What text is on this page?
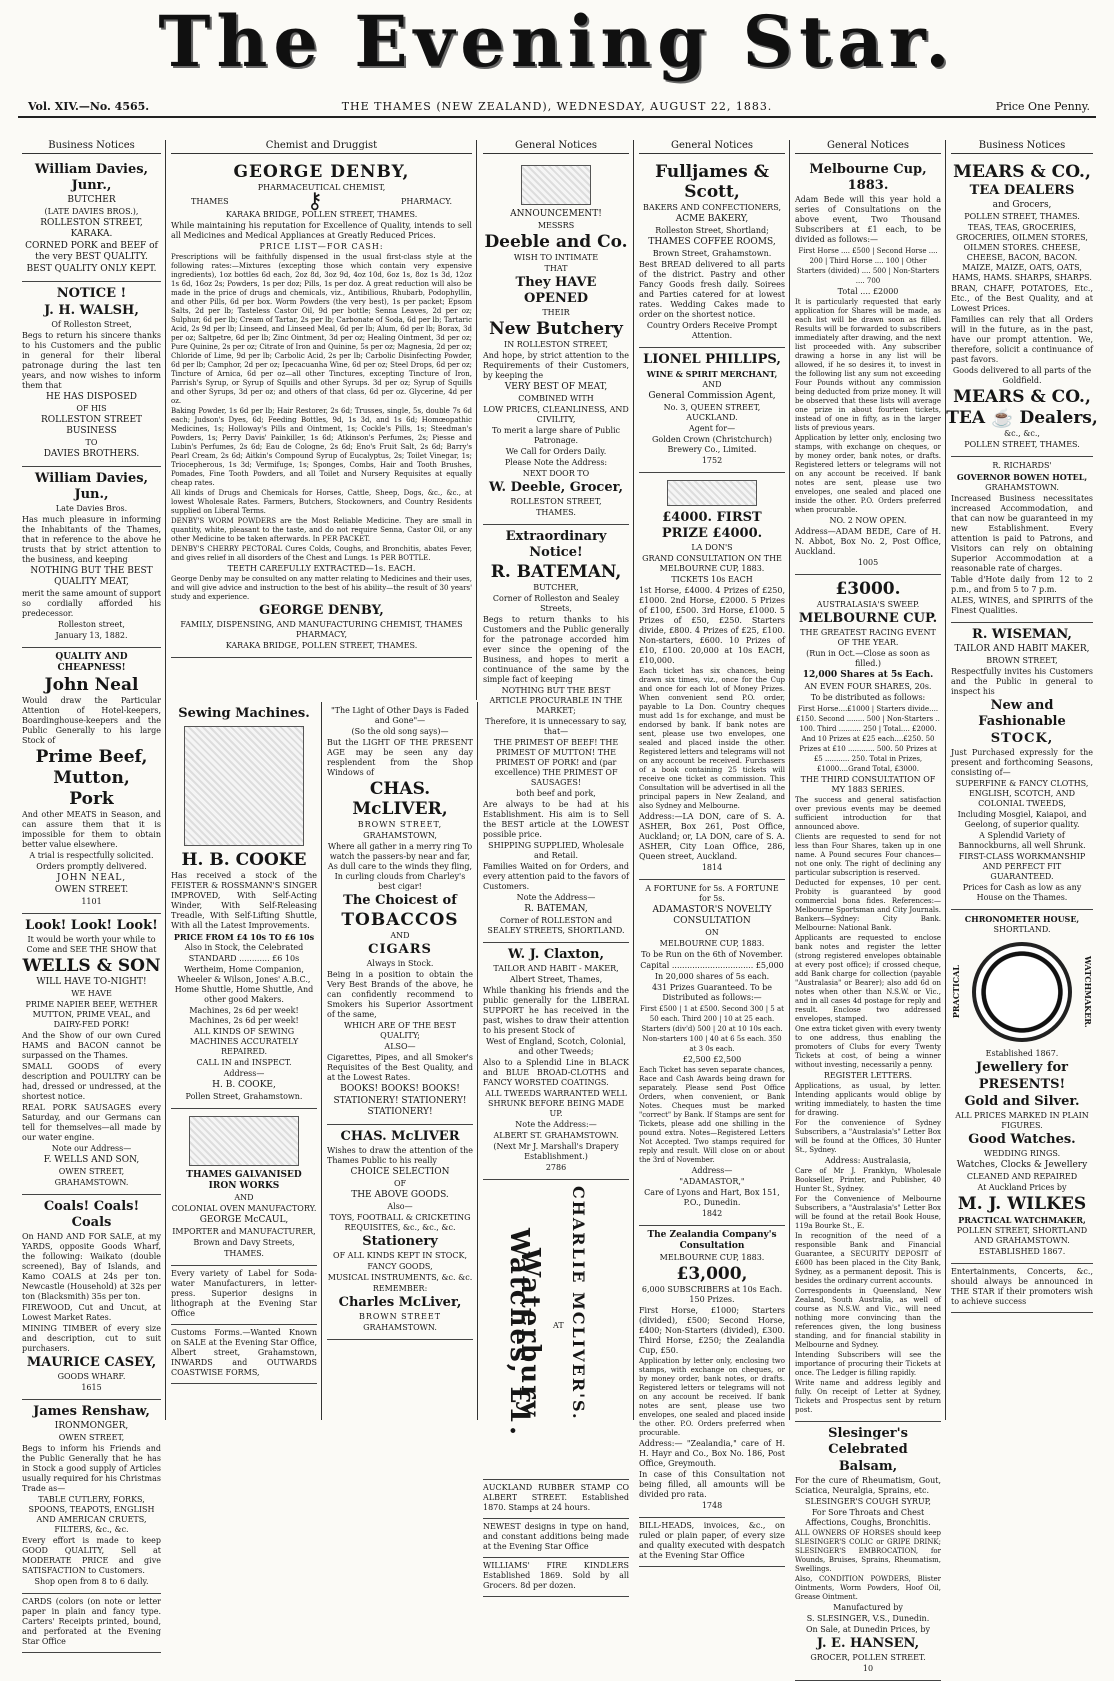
The Evening Star.
Vol. XIV.—No. 4565.	THE THAMES (NEW ZEALAND), WEDNESDAY, AUGUST 22, 1883.	Price One Penny.
Business Notices

William Davies, Junr.,

BUTCHER

(LATE DAVIES BROS.),

ROLLESTON STREET, KARAKA.

CORNED PORK and BEEF of the very BEST QUALITY.

BEST QUALITY ONLY KEPT.

NOTICE !

J. H. WALSH,

Of Rolleston Street,

Begs to return his sincere thanks to his Customers and the public in general for their liberal patronage during the last ten years, and now wishes to inform them that

HE HAS DISPOSED

OF HIS

ROLLESTON STREET BUSINESS

TO

DAVIES BROTHERS.

William Davies, Jun.,

Late Davies Bros.

Has much pleasure in informing the Inhabitants of the Thames, that in reference to the above he trusts that by strict attention to the business, and keeping

NOTHING BUT THE BEST QUALITY MEAT,

merit the same amount of support so cordially afforded his predecessor.

Rolleston street,

January 13, 1882.

QUALITY AND CHEAPNESS!

John Neal

Would draw the Particular Attention of Hotel-keepers, Boardinghouse-keepers and the Public Generally to his large Stock of

Prime Beef,

Mutton,

Pork

And other MEATS in Season, and can assure them that it is impossible for them to obtain better value elsewhere.

A trial is respectfully solicited.

Orders promptly delivered.

JOHN NEAL,

OWEN STREET.

1101

Look! Look! Look!

It would be worth your while to Come and SEE THE SHOW that

WELLS & SON

WILL HAVE TO-NIGHT!

WE HAVE

PRIME NAPIER BEEF, WETHER MUTTON, PRIME VEAL, and DAIRY-FED PORK!

And the Show of our own Cured HAMS and BACON cannot be surpassed on the Thames.

SMALL GOODS of every description and POULTRY can be had, dressed or undressed, at the shortest notice.

REAL PORK SAUSAGES every Saturday, and our Germans can tell for themselves—all made by our water engine.

Note our Address—

F. WELLS AND SON,

OWEN STREET,

GRAHAMSTOWN.

Coals! Coals! Coals

On HAND AND FOR SALE, at my YARDS, opposite Goods Wharf, the following: Waikato (double screened), Bay of Islands, and Kamo COALS at 24s per ton. Newcastle (Household) at 32s per ton (Blacksmith) 35s per ton.

FIREWOOD, Cut and Uncut, at Lowest Market Rates.

MINING TIMBER of every size and description, cut to suit purchasers.

MAURICE CASEY,

GOODS WHARF.

1615

James Renshaw,

IRONMONGER,

OWEN STREET,

Begs to inform his Friends and the Public Generally that he has in Stock a good supply of Articles usually required for his Christmas Trade as—

TABLE CUTLERY, FORKS, SPOONS, TEAPOTS, ENGLISH AND AMERICAN CRUETS, FILTERS, &c., &c.

Every effort is made to keep GOOD QUALITY, Sell at MODERATE PRICE and give SATISFACTION to Customers.

Shop open from 8 to 6 daily.

CARDS (colors (on note or letter paper in plain and fancy type. Carters' Receipts printed, bound, and perforated at the Evening Star Office
Chemist and Druggist

GEORGE DENBY,

PHARMACEUTICAL CHEMIST,

THAMES	⚷	PHARMACY.

KARAKA BRIDGE, POLLEN STREET, THAMES.

While maintaining his reputation for Excellence of Quality, intends to sell all Medicines and Medical Appliances at Greatly Reduced Prices.

PRICE LIST—FOR CASH:

Prescriptions will be faithfully dispensed in the usual first-class style at the following rates:—Mixtures (excepting those which contain very expensive ingredients), 1oz bottles 6d each, 2oz 8d, 3oz 9d, 4oz 10d, 6oz 1s, 8oz 1s 3d, 12oz 1s 6d, 16oz 2s; Powders, 1s per doz; Pills, 1s per doz. A great reduction will also be made in the price of drugs and chemicals, viz., Antibilious, Rhubarb, Podophyllin, and other Pills, 6d per box. Worm Powders (the very best), 1s per packet; Epsom Salts, 2d per lb; Tasteless Castor Oil, 9d per bottle; Senna Leaves, 2d per oz; Sulphur, 6d per lb; Cream of Tartar, 2s per lb; Carbonate of Soda, 6d per lb; Tartaric Acid, 2s 9d per lb; Linseed, and Linseed Meal, 6d per lb; Alum, 6d per lb; Borax, 3d per oz; Saltpetre, 6d per lb; Zinc Ointment, 3d per oz; Healing Ointment, 3d per oz; Pure Quinine, 2s per oz; Citrate of Iron and Quinine, 5s per oz; Magnesia, 2d per oz; Chloride of Lime, 9d per lb; Carbolic Acid, 2s per lb; Carbolic Disinfecting Powder, 6d per lb; Camphor, 2d per oz; Ipecacuanha Wine, 6d per oz; Steel Drops, 6d per oz; Tincture of Arnica, 6d per oz—all other Tinctures, excepting Tincture of Iron, Parrish's Syrup, or Syrup of Squills and other Syrups. 3d per oz; Syrup of Squills and other Syrups, 3d per oz; and others of that class, 6d per oz. Glycerine, 4d per oz.

Baking Powder, 1s 6d per lb; Hair Restorer, 2s 6d; Trusses, single, 5s, double 7s 6d each; Judson's Dyes, 6d; Feeding Bottles, 9d, 1s 3d, and 1s 6d; Homœopathic Medicines, 1s; Holloway's Pills and Ointment, 1s; Cockle's Pills, 1s; Steedman's Powders, 1s; Perry Davis' Painkiller, 1s 6d; Atkinson's Perfumes, 2s; Piesse and Lubin's Perfumes, 2s 6d; Eau de Cologne, 2s 6d; Eno's Fruit Salt, 2s 6d; Barry's Pearl Cream, 2s 6d; Aitkin's Compound Syrup of Eucalyptus, 2s; Toilet Vinegar, 1s; Triocepherous, 1s 3d; Vermifuge, 1s; Sponges, Combs, Hair and Tooth Brushes, Pomades, Fine Tooth Powders, and all Toilet and Nursery Requisites at equally cheap rates.

All kinds of Drugs and Chemicals for Horses, Cattle, Sheep, Dogs, &c., &c., at lowest Wholesale Rates. Farmers, Butchers, Stockowners, and Country Residents supplied on Liberal Terms.

DENBY'S WORM POWDERS are the Most Reliable Medicine. They are small in quantity, white, pleasant to the taste, and do not require Senna, Castor Oil, or any other Medicine to be taken afterwards. In PER PACKET.

DENBY'S CHERRY PECTORAL Cures Colds, Coughs, and Bronchitis, abates Fever, and gives relief in all disorders of the Chest and Lungs. 1s PER BOTTLE.

TEETH CAREFULLY EXTRACTED—1s. EACH.

George Denby may be consulted on any matter relating to Medicines and their uses, and will give advice and instruction to the best of his ability—the result of 30 years' study and experience.

GEORGE DENBY,

FAMILY, DISPENSING, AND MANUFACTURING CHEMIST, THAMES PHARMACY,

KARAKA BRIDGE, POLLEN STREET, THAMES.

Sewing Machines.

H. B. COOKE

Has received a stock of the FEISTER & ROSSMANN'S SINGER IMPROVED, With Self-Acting Winder, With Self-Releasing Treadle, With Self-Lifting Shuttle, With all the Latest Improvements.

PRICE FROM £4 10s TO £6 10s

Also in Stock, the Celebrated

STANDARD ............ £6 10s

Wertheim, Home Companion, Wheeler & Wilson, Jones' A.B.C., Home Shuttle, Home Shuttle, And other good Makers.

Machines, 2s 6d per week! Machines, 2s 6d per week!

ALL KINDS OF SEWING MACHINES ACCURATELY REPAIRED.

CALL IN and INSPECT.

Address—

H. B. COOKE,

Pollen Street, Grahamstown.

THAMES GALVANISED IRON WORKS

AND

COLONIAL OVEN MANUFACTORY.

GEORGE McCAUL,

IMPORTER and MANUFACTURER,

Brown and Davy Streets,

THAMES.

Every variety of Label for Soda-water Manufacturers, in letter-press. Superior designs in lithograph at the Evening Star Office
Customs Forms.—Wanted Known on SALE at the Evening Star Office, Albert street, Grahamstown, INWARDS and OUTWARDS COASTWISE FORMS,

"The Light of Other Days is Faded and Gone"—

(So the old song says)—

But the LIGHT OF THE PRESENT AGE may be seen any day resplendent from the Shop Windows of

CHAS. McLIVER,

BROWN STREET,

GRAHAMSTOWN,

Where all gather in a merry ring To watch the passers-by near and far, As dull care to the winds they fling, In curling clouds from Charley's best cigar!

The Choicest of

TOBACCOS

AND

CIGARS

Always in Stock.

Being in a position to obtain the Very Best Brands of the above, he can confidently recommend to Smokers his Superior Assortment of the same,

WHICH ARE OF THE BEST QUALITY;

ALSO—

Cigarettes, Pipes, and all Smoker's Requisites of the Best Quality, and at the Lowest Rates.

BOOKS! BOOKS! BOOKS!

STATIONERY! STATIONERY! STATIONERY!

CHAS. McLIVER

Wishes to draw the attention of the Thames Public to his really

CHOICE SELECTION

OF

THE ABOVE GOODS.

Also—

TOYS, FOOTBALL & CRICKETING REQUISITES, &c., &c., &c.

Stationery

OF ALL KINDS KEPT IN STOCK,

FANCY GOODS,

MUSICAL INSTRUMENTS, &c. &c.

REMEMBER:

Charles McLiver,

BROWN STREET

GRAHAMSTOWN.

General Notices

ANNOUNCEMENT!

MESSRS

Deeble and Co.

WISH TO INTIMATE

THAT

They HAVE OPENED

THEIR

New Butchery

IN ROLLESTON STREET,

And hope, by strict attention to the Requirements of their Customers, by keeping the

VERY BEST OF MEAT,

COMBINED WITH

LOW PRICES, CLEANLINESS, AND CIVILITY,

To merit a large share of Public Patronage.

We Call for Orders Daily.

Please Note the Address:

NEXT DOOR TO

W. Deeble, Grocer,

ROLLESTON STREET,

THAMES.

Extraordinary Notice!

R. BATEMAN,

BUTCHER,

Corner of Rolleston and Sealey Streets,

Begs to return thanks to his Customers and the Public generally for the patronage accorded him ever since the opening of the Business, and hopes to merit a continuance of the same by the simple fact of keeping

NOTHING BUT THE BEST ARTICLE PROCURABLE IN THE MARKET;

Therefore, it is unnecessary to say, that—

THE PRIMEST OF BEEF! THE PRIMEST OF MUTTON! THE PRIMEST OF PORK! and (par excellence) THE PRIMEST OF SAUSAGES!

both beef and pork,

Are always to be had at his Establishment. His aim is to Sell the BEST article at the LOWEST possible price.

SHIPPING SUPPLIED, Wholesale and Retail.

Families Waited on for Orders, and every attention paid to the favors of Customers.

Note the Address—

R. BATEMAN,

Corner of ROLLESTON and SEALEY STREETS, SHORTLAND.

W. J. Claxton,

TAILOR AND HABIT - MAKER,

Albert Street, Thames,

While thanking his friends and the public generally for the LIBERAL SUPPORT he has received in the past, wishes to draw their attention to his present Stock of

West of England, Scotch, Colonial, and other Tweeds;

Also to a Splendid Line in BLACK and BLUE BROAD-CLOTHS and FANCY WORSTED COATINGS.

ALL TWEEDS WARRANTED WELL SHRUNK BEFORE BEING MADE UP.

Note the Address:—

ALBERT ST. GRAHAMSTOWN.

(Next Mr J. Marshall's Drapery Establishment.)

2786

Waterbury Watches, £1. CHARLIE MCLIVER'S.
AT
AUCKLAND RUBBER STAMP CO ALBERT STREET. Established 1870. Stamps at 24 hours.
NEWEST designs in type on hand, and constant additions being made at the Evening Star Office
WILLIAMS' FIRE KINDLERS Established 1869. Sold by all Grocers. 8d per dozen.
General Notices

Fulljames & Scott,

BAKERS AND CONFECTIONERS,

ACME BAKERY,

Rolleston Street, Shortland;

THAMES COFFEE ROOMS,

Brown Street, Grahamstown.

Best BREAD delivered to all parts of the district. Pastry and other Fancy Goods fresh daily. Soirees and Parties catered for at lowest rates. Wedding Cakes made to order on the shortest notice.

Country Orders Receive Prompt Attention.

LIONEL PHILLIPS,

WINE & SPIRIT MERCHANT,

AND

General Commission Agent,

No. 3, QUEEN STREET, AUCKLAND.

Agent for—

Golden Crown (Christchurch) Brewery Co., Limited.

1752

£4000. FIRST PRIZE £4000.

LA DON'S

GRAND CONSULTATION ON THE MELBOURNE CUP, 1883.

TICKETS 10s EACH

1st Horse, £4000. 4 Prizes of £250, £1000. 2nd Horse, £2000. 5 Prizes of £100, £500. 3rd Horse, £1000. 5 Prizes of £50, £250. Starters divide, £800. 4 Prizes of £25, £100. Non-starters, £600. 10 Prizes of £10, £100. 20,000 at 10s EACH, £10,000.

Each ticket has six chances, being drawn six times, viz., once for the Cup and once for each lot of Money Prizes. When convenient send P.O. order, payable to La Don. Country cheques must add 1s for exchange, and must be endorsed by bank. If bank notes are sent, please use two envelopes, one sealed and placed inside the other. Registered letters and telegrams will not on any account be received. Furchasers of a book containing 25 tickets will receive one ticket as commission. This Consultation will be advertised in all the principal papers in New Zealand, and also Sydney and Melbourne.

Address:—LA DON, care of S. A. ASHER, Box 261, Post Office, Auckland; or, LA DON, care of S. A. ASHER, City Loan Office, 286, Queen street, Auckland.

1814

A FORTUNE for 5s. A FORTUNE for 5s.

ADAMASTOR'S NOVELTY CONSULTATION

ON

MELBOURNE CUP, 1883.

To be Run on the 6th of November.

Capital ................................ £5,000

In 20,000 shares of 5s each.

431 Prizes Guaranteed. To be Distributed as follows:—

First £500 | 1 at £500. Second 300 | 5 at 50 each. Third 200 | 10 at 25 each. Starters (div'd) 500 | 20 at 10 10s each. Non-starters 100 | 40 at 6 5s each. 350 at 3 0s each.

£2,500 £2,500

Each Ticket has seven separate chances, Race and Cash Awards being drawn for separately. Please send Post Office Orders, when convenient, or Bank Notes. Cheques must be marked "correct" by Bank. If Stamps are sent for Tickets, please add one shilling in the pound extra. Notes—Registered Letters Not Accepted. Two stamps required for reply and result. Will close on or about the 3rd of November.

Address—

"ADAMASTOR,"

Care of Lyons and Hart, Box 151, P.O., Dunedin.

1842

The Zealandia Company's Consultation

MELBOURNE CUP, 1883.

£3,000,

6,000 SUBSCRIBERS at 10s Each. 150 Prizes.

First Horse, £1000; Starters (divided), £500; Second Horse, £400; Non-Starters (divided), £300. Third Horse, £250; the Zealandia Cup, £50.

Application by letter only, enclosing two stamps, with exchange on cheques, or by money order, bank notes, or drafts. Registered letters or telegrams will not on any account be received. If bank notes are sent, please use two envelopes, one sealed and placed inside the other. P.O. Orders preferred when procurable.

Address:— "Zealandia," care of H. H. Hayr and Co., Box No. 186, Post Office, Greymouth.

In case of this Consultation not being filled, all amounts will be divided pro rata.

1748

BILL-HEADS, invoices, &c., on ruled or plain paper, of every size and quality executed with despatch at the Evening Star Office
General Notices

Melbourne Cup, 1883.

Adam Bede will this year hold a series of Consultations on the above event, Two Thousand Subscribers at £1 each, to be divided as follows:—

First Horse .... £500 | Second Horse .... 200 | Third Horse .... 100 | Other Starters (divided) .... 500 | Non-Starters .... 700

Total .... £2000

It is particularly requested that early application for Shares will be made, as each list will be drawn soon as filled. Results will be forwarded to subscribers immediately after drawing, and the next list proceeded with. Any subscriber drawing a horse in any list will be allowed, if he so desires it, to invest in the following list any sum not exceeding Four Pounds without any commission being deducted from prize money. It will be observed that these lists will average one prize in about fourteen tickets, instead of one in fifty, as in the larger lists of previous years.

Application by letter only, enclosing two stamps, with exchange on cheques, or by money order, bank notes, or drafts. Registered letters or telegrams will not on any account be received. If bank notes are sent, please use two envelopes, one sealed and placed one inside the other. P.O. Orders preferred when procurable.

NO. 2 NOW OPEN.

Address—ADAM BEDE, Care of H. N. Abbot, Box No. 2, Post Office, Auckland.

1005

£3000.

AUSTRALASIA'S SWEEP.

MELBOURNE CUP.

THE GREATEST RACING EVENT OF THE YEAR.

(Run in Oct.—Close as soon as filled.)

12,000 Shares at 5s Each.

AN EVEN FOUR SHARES, 20s.

To be distributed as follows:

First Horse....£1000 | Starters divide....£150. Second ........ 500 | Non-Starters .. 100. Third .......... 250 | Total.... £2000. And 10 Prizes at £25 each....£250. 50 Prizes at £10 ............ 500. 50 Prizes at £5 ........... 250. Total in Prizes, £1000....Grand Total, £3000.

THE THIRD CONSULTATION OF MY 1883 SERIES.

The success and general satisfaction over previous events may be deemed sufficient introduction for that announced above.

Clients are requested to send for not less than Four Shares, taken up in one name. A Pound secures Four chances—not one only. The right of declining any particular subscription is reserved.

Deducted for expenses, 10 per cent. Probity is guaranteed by good commercial bona fides. References:—Melbourne Sportsman and City Journals. Bankers—Sydney: City Bank. Melbourne: National Bank.

Applicants are requested to enclose bank notes and register the letter (strong registered envelopes obtainable at every post office); if crossed cheque, add Bank charge for collection (payable "Australasia" or Bearer); also add 6d on notes when other than N.S.W. or Vic., and in all cases 4d postage for reply and result. Enclose two addressed envelopes, stamped.

One extra ticket given with every twenty to one address, thus enabling the promoters of Clubs for every Twenty Tickets at cost, of being a winner without investing, necessarily a penny.

REGISTER LETTERS.

Applications, as usual, by letter. Intending applicants would oblige by writing immediately, to hasten the time for drawing.

For the convenience of Sydney Subscribers, a "Australasia's" Letter Box will be found at the Offices, 30 Hunter St., Sydney.

Address: Australasia,

Care of Mr J. Franklyn, Wholesale Bookseller, Printer, and Publisher, 40 Hunter St., Sydney.

For the Convenience of Melbourne Subscribers, a "Australasia's" Letter Box will be found at the retail Book House, 119a Bourke St., E.

In recognition of the need of a responsible Bank and Financial Guarantee, a SECURITY DEPOSIT of £600 has been placed in the City Bank, Sydney, as a permanent deposit. This is besides the ordinary current accounts.

Correspondents in Queensland, New Zealand, South Australia, as well of course as N.S.W. and Vic., will need nothing more convincing than the references given, the long business standing, and for financial stability in Melbourne and Sydney.

Intending Subscribers will see the importance of procuring their Tickets at once. The Ledger is filling rapidly.

Write name and address legibly and fully. On receipt of Letter at Sydney, Tickets and Prospectus sent by return post.

Slesinger's Celebrated

Balsam,

For the cure of Rheumatism, Gout, Sciatica, Neuralgia, Sprains, etc.

SLESINGER'S COUGH SYRUP,

For Sore Throats and Chest Affections, Coughs, Bronchitis.

ALL OWNERS OF HORSES should keep SLESINGER'S COLIC or GRIPE DRINK; SLESINGER'S EMBROCATION, for Wounds, Bruises, Sprains, Rheumatism, Swellings.

Also, CONDITION POWDERS, Blister Ointments, Worm Powders, Hoof Oil, Grease Ointment.

Manufactured by

S. SLESINGER, V.S., Dunedin.

On Sale, at Dunedin Prices, by

J. E. HANSEN,

GROCER, POLLEN STREET.

10

Business Notices

MEARS & CO.,

TEA DEALERS

and Grocers,

POLLEN STREET, THAMES.

TEAS, TEAS, GROCERIES, GROCERIES, OILMEN STORES, OILMEN STORES. CHEESE, CHEESE, BACON, BACON. MAIZE, MAIZE, OATS, OATS, HAMS, HAMS. SHARPS, SHARPS.

BRAN, CHAFF, POTATOES, Etc., Etc., of the Best Quality, and at Lowest Prices.

Families can rely that all Orders will in the future, as in the past, have our prompt attention. We, therefore, solicit a continuance of past favors.

Goods delivered to all parts of the Goldfield.

MEARS & CO.,

TEA ☕ Dealers,

&c., &c.,

POLLEN STREET, THAMES.

R. RICHARDS'

GOVERNOR BOWEN HOTEL,

GRAHAMSTOWN.

Increased Business necessitates increased Accommodation, and that can now be guaranteed in my new Establishment. Every attention is paid to Patrons, and Visitors can rely on obtaining Superior Accommodation at a reasonable rate of charges.

Table d'Hote daily from 12 to 2 p.m., and from 5 to 7 p.m.

ALES, WINES, and SPIRITS of the Finest Qualities.

R. WISEMAN,

TAILOR AND HABIT MAKER,

BROWN STREET,

Respectfully invites his Customers and the Public in general to inspect his

New and Fashionable

STOCK,

Just Purchased expressly for the present and forthcoming Seasons, consisting of—

SUPERFINE & FANCY CLOTHS, ENGLISH, SCOTCH, AND COLONIAL TWEEDS,

Including Mosgiel, Kaiapoi, and Geelong, of superior quality.

A Splendid Variety of Bannockburns, all well Shrunk.

FIRST-CLASS WORKMANSHIP AND PERFECT FIT GUARANTEED.

Prices for Cash as low as any House on the Thames.

CHRONOMETER HOUSE,

SHORTLAND.

PRACTICAL	WATCHMAKER.

Established 1867.

Jewellery for

PRESENTS!

Gold and Silver.

ALL PRICES MARKED IN PLAIN FIGURES.

Good Watches.

WEDDING RINGS.

Watches, Clocks & Jewellery

CLEANED AND REPAIRED

At Auckland Prices by

M. J. WILKES

PRACTICAL WATCHMAKER,

POLLEN STREET, SHORTLAND AND GRAHAMSTOWN.

ESTABLISHED 1867.

Entertainments, Concerts, &c., should always be announced in THE STAR if their promoters wish to achieve success
